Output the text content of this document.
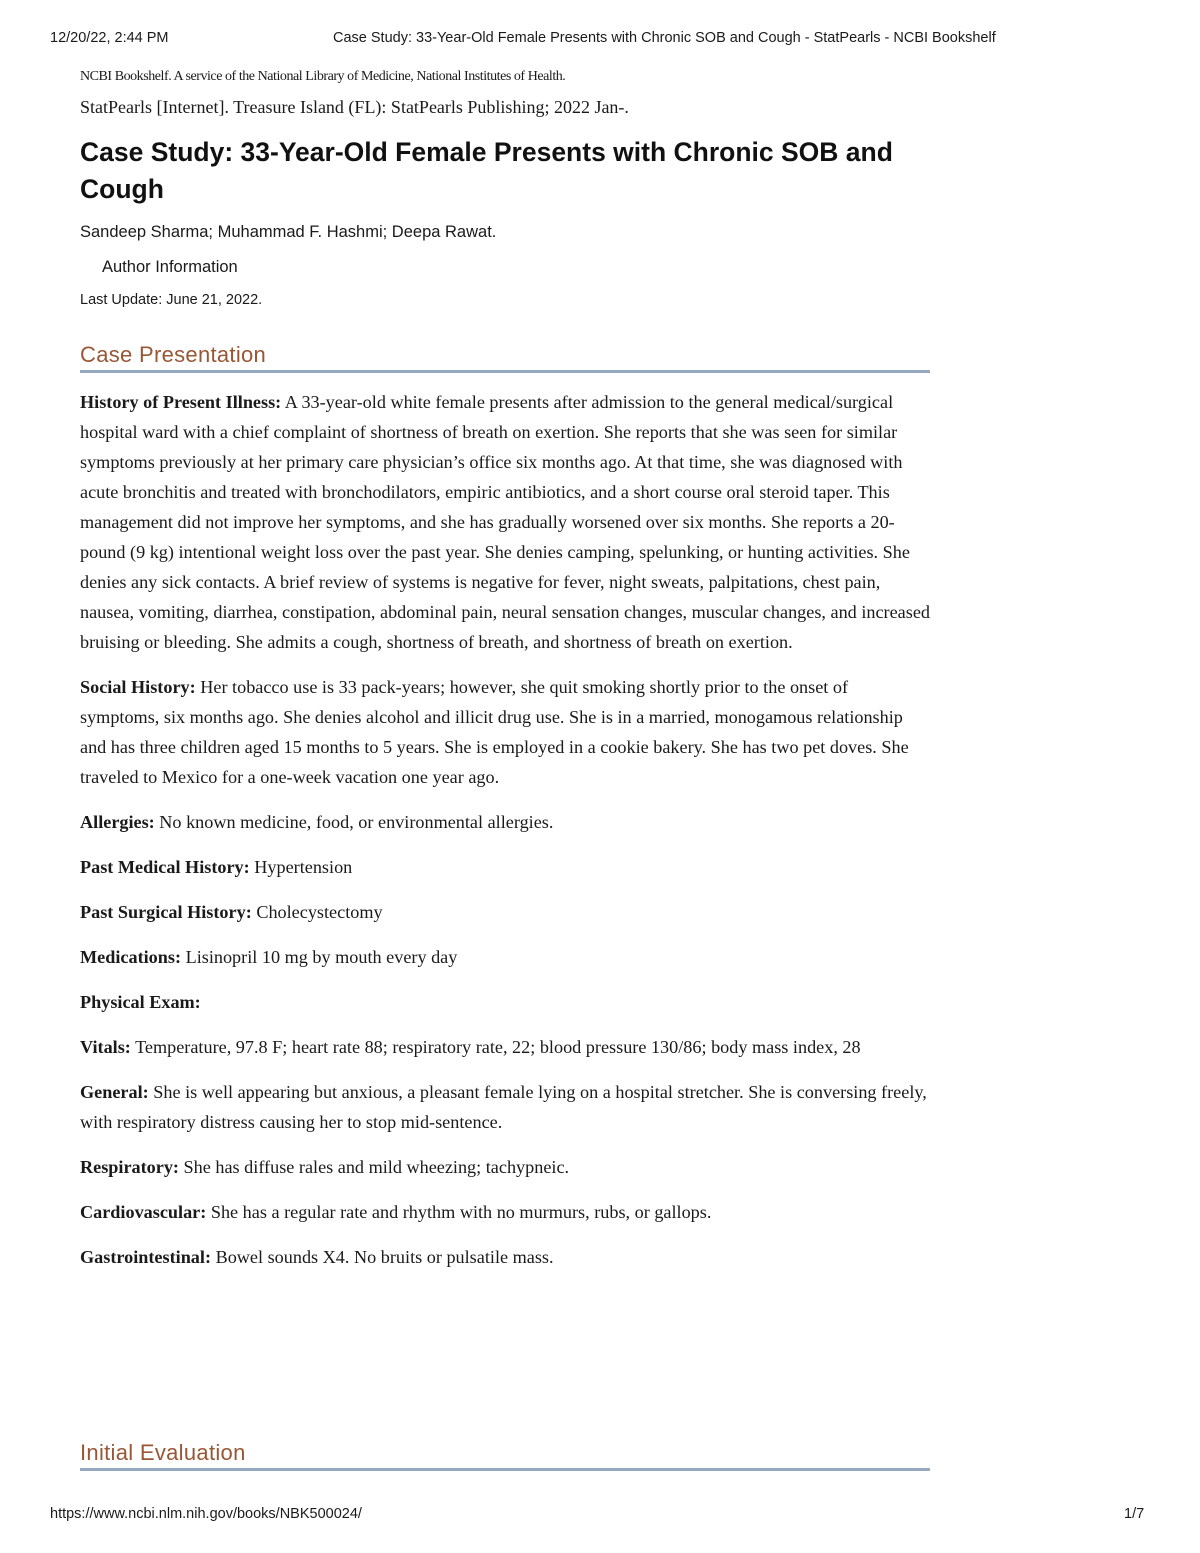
12/20/22, 2:44 PM	Case Study: 33-Year-Old Female Presents with Chronic SOB and Cough - StatPearls - NCBI Bookshelf

NCBI Bookshelf. A service of the National Library of Medicine, National Institutes of Health.

StatPearls [Internet]. Treasure Island (FL): StatPearls Publishing; 2022 Jan-.

Case Study: 33-Year-Old Female Presents with Chronic SOB and Cough

Sandeep Sharma; Muhammad F. Hashmi; Deepa Rawat.

Author Information

Last Update: June 21, 2022.

Case Presentation

History of Present Illness: A 33-year-old white female presents after admission to the general medical/surgical hospital ward with a chief complaint of shortness of breath on exertion. She reports that she was seen for similar symptoms previously at her primary care physician’s office six months ago. At that time, she was diagnosed with acute bronchitis and treated with bronchodilators, empiric antibiotics, and a short course oral steroid taper. This management did not improve her symptoms, and she has gradually worsened over six months. She reports a 20-pound (9 kg) intentional weight loss over the past year. She denies camping, spelunking, or hunting activities. She denies any sick contacts. A brief review of systems is negative for fever, night sweats, palpitations, chest pain, nausea, vomiting, diarrhea, constipation, abdominal pain, neural sensation changes, muscular changes, and increased bruising or bleeding. She admits a cough, shortness of breath, and shortness of breath on exertion.

Social History: Her tobacco use is 33 pack-years; however, she quit smoking shortly prior to the onset of symptoms, six months ago. She denies alcohol and illicit drug use. She is in a married, monogamous relationship and has three children aged 15 months to 5 years. She is employed in a cookie bakery. She has two pet doves. She traveled to Mexico for a one-week vacation one year ago.

Allergies: No known medicine, food, or environmental allergies.

Past Medical History: Hypertension

Past Surgical History: Cholecystectomy

Medications: Lisinopril 10 mg by mouth every day

Physical Exam:

Vitals: Temperature, 97.8 F; heart rate 88; respiratory rate, 22; blood pressure 130/86; body mass index, 28

General: She is well appearing but anxious, a pleasant female lying on a hospital stretcher. She is conversing freely, with respiratory distress causing her to stop mid-sentence.

Respiratory: She has diffuse rales and mild wheezing; tachypneic.

Cardiovascular: She has a regular rate and rhythm with no murmurs, rubs, or gallops.

Gastrointestinal: Bowel sounds X4. No bruits or pulsatile mass.

Initial Evaluation
https://www.ncbi.nlm.nih.gov/books/NBK500024/	1/7
